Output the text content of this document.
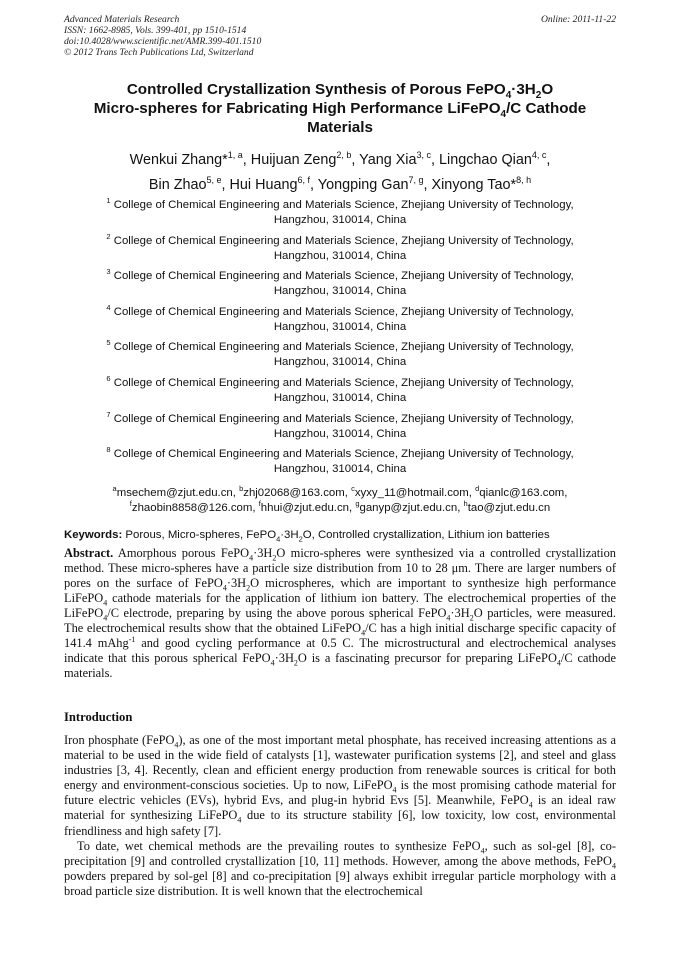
Advanced Materials Research
ISSN: 1662-8985, Vols. 399-401, pp 1510-1514
doi:10.4028/www.scientific.net/AMR.399-401.1510
© 2012 Trans Tech Publications Ltd, Switzerland
Online: 2011-11-22
Controlled Crystallization Synthesis of Porous $FePO_4\cdot 3H_2O$
Micro-spheres for Fabricating High Performance LiFePO$_4$/C Cathode
Materials
Wenkui Zhang*$^{1, a}$, Huijuan Zeng$^{2, b}$, Yang Xia$^{3, c}$, Lingchao Qian$^{4, c}$,
Bin Zhao$^{5, e}$, Hui Huang$^{6, f}$, Yongping Gan$^{7, g}$, Xinyong Tao*$^{8, h}$
$^1$ College of Chemical Engineering and Materials Science, Zhejiang University of Technology,
Hangzhou, 310014, China
$^2$ College of Chemical Engineering and Materials Science, Zhejiang University of Technology,
Hangzhou, 310014, China
$^3$ College of Chemical Engineering and Materials Science, Zhejiang University of Technology,
Hangzhou, 310014, China
$^4$ College of Chemical Engineering and Materials Science, Zhejiang University of Technology,
Hangzhou, 310014, China
$^5$ College of Chemical Engineering and Materials Science, Zhejiang University of Technology,
Hangzhou, 310014, China
$^6$ College of Chemical Engineering and Materials Science, Zhejiang University of Technology,
Hangzhou, 310014, China
$^7$ College of Chemical Engineering and Materials Science, Zhejiang University of Technology,
Hangzhou, 310014, China
$^8$ College of Chemical Engineering and Materials Science, Zhejiang University of Technology,
Hangzhou, 310014, China
$^a$msechem@zjut.edu.cn, $^b$zhj02068@163.com, $^c$xyxy_11@hotmail.com, $^d$qianlc@163.com,
$^f$zhaobin8858@126.com, $^f$hhui@zjut.edu.cn, $^g$ganyp@zjut.edu.cn, $^h$tao@zjut.edu.cn
Keywords: Porous, Micro-spheres, $FePO_4\cdot 3H_2O$, Controlled crystallization, Lithium ion batteries
Abstract. Amorphous porous $FePO_4\cdot 3H_2O$ micro-spheres were synthesized via a controlled crystallization method. These micro-spheres have a particle size distribution from 10 to 28 μm. There are larger numbers of pores on the surface of $FePO_4\cdot 3H_2O$ microspheres, which are important to synthesize high performance LiFePO$_4$ cathode materials for the application of lithium ion battery. The electrochemical properties of the LiFePO$_4$/C electrode, preparing by using the above porous spherical $FePO_4\cdot 3H_2O$ particles, were measured. The electrochemical results show that the obtained LiFePO$_4$/C has a high initial discharge specific capacity of 141.4 mAhg$^{-1}$ and good cycling performance at 0.5 C. The microstructural and electrochemical analyses indicate that this porous spherical $FePO_4\cdot 3H_2O$ is a fascinating precursor for preparing LiFePO$_4$/C cathode materials.
Introduction

Iron phosphate (FePO$_4$), as one of the most important metal phosphate, has received increasing attentions as a material to be used in the wide field of catalysts [1], wastewater purification systems [2], and steel and glass industries [3, 4]. Recently, clean and efficient energy production from renewable sources is critical for both energy and environment-conscious societies. Up to now, LiFePO$_4$ is the most promising cathode material for future electric vehicles (EVs), hybrid Evs, and plug-in hybrid Evs [5]. Meanwhile, FePO$_4$ is an ideal raw material for synthesizing LiFePO$_4$ due to its structure stability [6], low toxicity, low cost, environmental friendliness and high safety [7].

To date, wet chemical methods are the prevailing routes to synthesize FePO$_4$, such as sol-gel [8], co-precipitation [9] and controlled crystallization [10, 11] methods. However, among the above methods, FePO$_4$ powders prepared by sol-gel [8] and co-precipitation [9] always exhibit irregular particle morphology with a broad particle size distribution. It is well known that the electrochemical
